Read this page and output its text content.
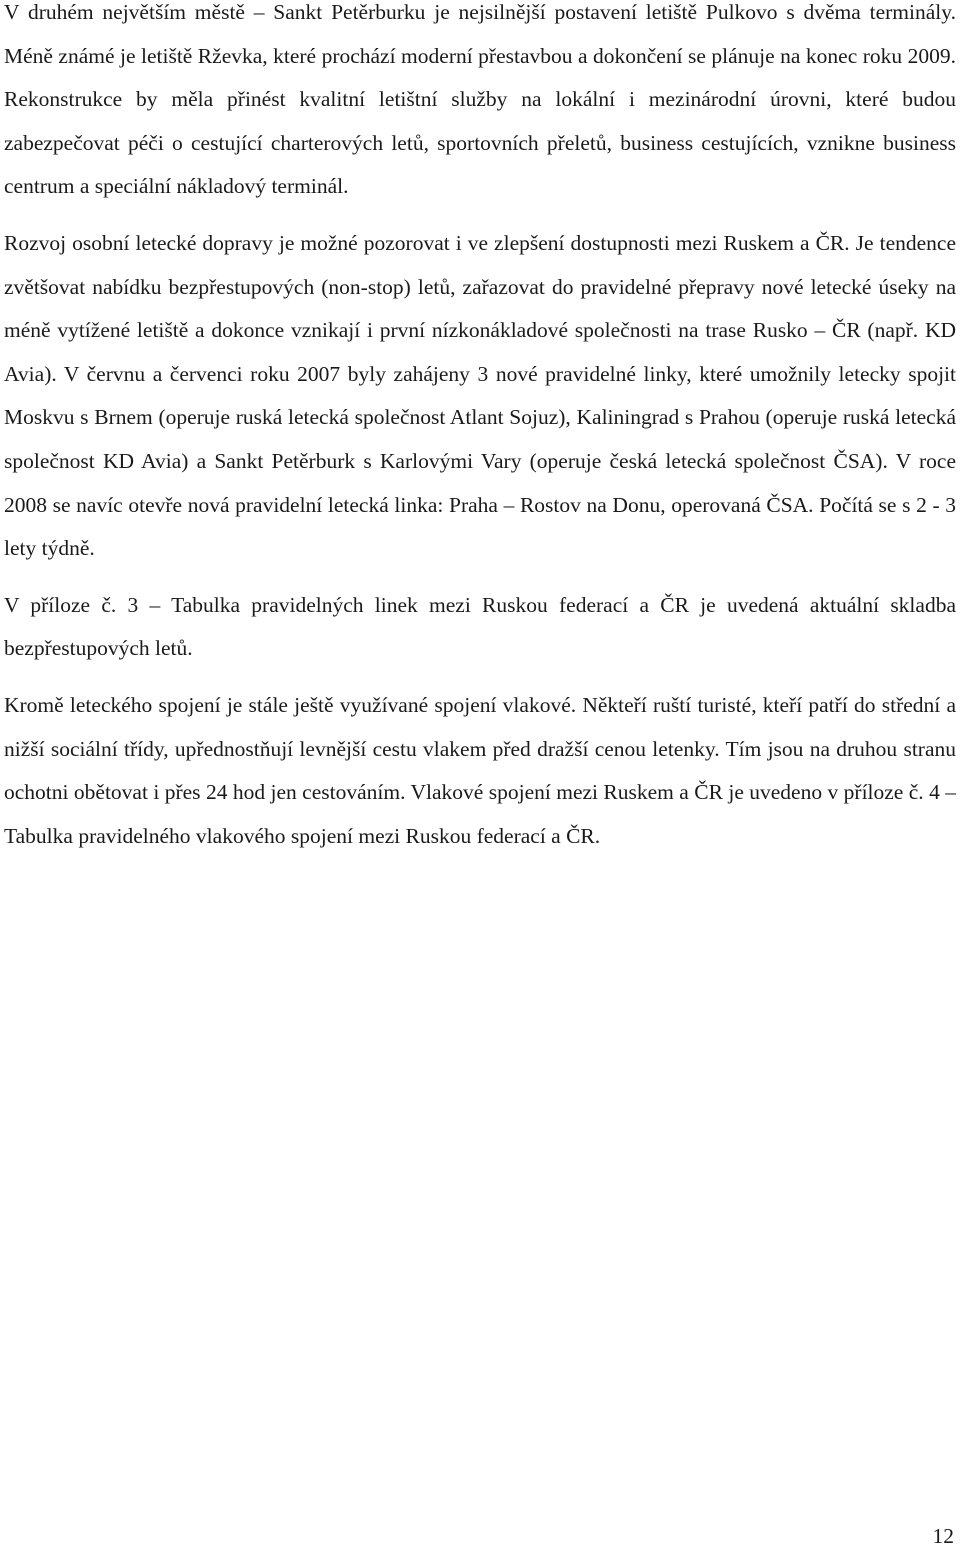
V druhém největším městě – Sankt Petěrburku je nejsilnější postavení letiště Pulkovo s dvěma terminály. Méně známé je letiště Rževka, které prochází moderní přestavbou a dokončení se plánuje na konec roku 2009. Rekonstrukce by měla přinést kvalitní letištní služby na lokální i mezinárodní úrovni, které budou zabezpečovat péči o cestující charterových letů, sportovních přeletů, business cestujících, vznikne business centrum a speciální nákladový terminál.

Rozvoj osobní letecké dopravy je možné pozorovat i ve zlepšení dostupnosti mezi Ruskem a ČR. Je tendence zvětšovat nabídku bezpřestupových (non-stop) letů, zařazovat do pravidelné přepravy nové letecké úseky na méně vytížené letiště a dokonce vznikají i první nízkonákladové společnosti na trase Rusko – ČR (např. KD Avia). V červnu a červenci roku 2007 byly zahájeny 3 nové pravidelné linky, které umožnily letecky spojit Moskvu s Brnem (operuje ruská letecká společnost Atlant Sojuz), Kaliningrad s Prahou (operuje ruská letecká společnost KD Avia) a Sankt Petěrburk s Karlovými Vary (operuje česká letecká společnost ČSA). V roce 2008 se navíc otevře nová pravidelní letecká linka: Praha – Rostov na Donu, operovaná ČSA. Počítá se s 2 - 3 lety týdně.

V příloze č. 3 – Tabulka pravidelných linek mezi Ruskou federací a ČR je uvedená aktuální skladba bezpřestupových letů.

Kromě leteckého spojení je stále ještě využívané spojení vlakové. Někteří ruští turisté, kteří patří do střední a nižší sociální třídy, upřednostňují levnější cestu vlakem před dražší cenou letenky. Tím jsou na druhou stranu ochotni obětovat i přes 24 hod jen cestováním. Vlakové spojení mezi Ruskem a ČR je uvedeno v příloze č. 4 – Tabulka pravidelného vlakového spojení mezi Ruskou federací a ČR.

12
